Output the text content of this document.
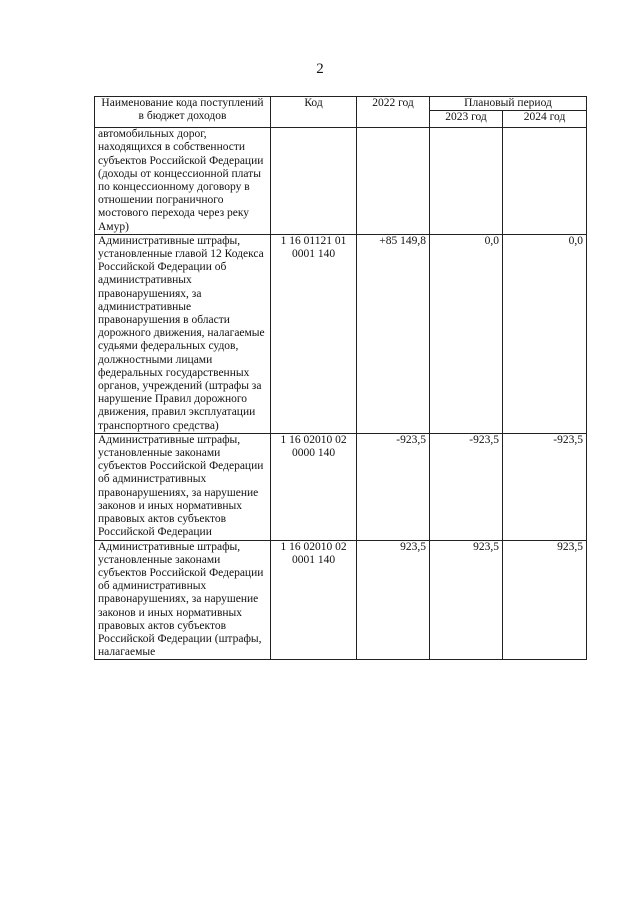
2
Наименование кода поступлений в бюджет доходов	Код	2022 год	Плановый период	
			2023 год	2024 год
автомобильных дорог, находящихся в собственности субъектов Российской Федерации (доходы от концессионной платы по концессионному договору в отношении пограничного мостового перехода через реку Амур)				
Административные штрафы, установленные главой 12 Кодекса Российской Федерации об административных правонарушениях, за административные правонарушения в области дорожного движения, налагаемые судьями федеральных судов, должностными лицами федеральных государственных органов, учреждений (штрафы за нарушение Правил дорожного движения, правил эксплуатации транспортного средства)	1 16 01121 01 0001 140	+85 149,8	0,0	0,0
Административные штрафы, установленные законами субъектов Российской Федерации об административных правонарушениях, за нарушение законов и иных нормативных правовых актов субъектов Российской Федерации	1 16 02010 02 0000 140	-923,5	-923,5	-923,5
Административные штрафы, установленные законами субъектов Российской Федерации об административных правонарушениях, за нарушение законов и иных нормативных правовых актов субъектов Российской Федерации (штрафы, налагаемые	1 16 02010 02 0001 140	923,5	923,5	923,5
